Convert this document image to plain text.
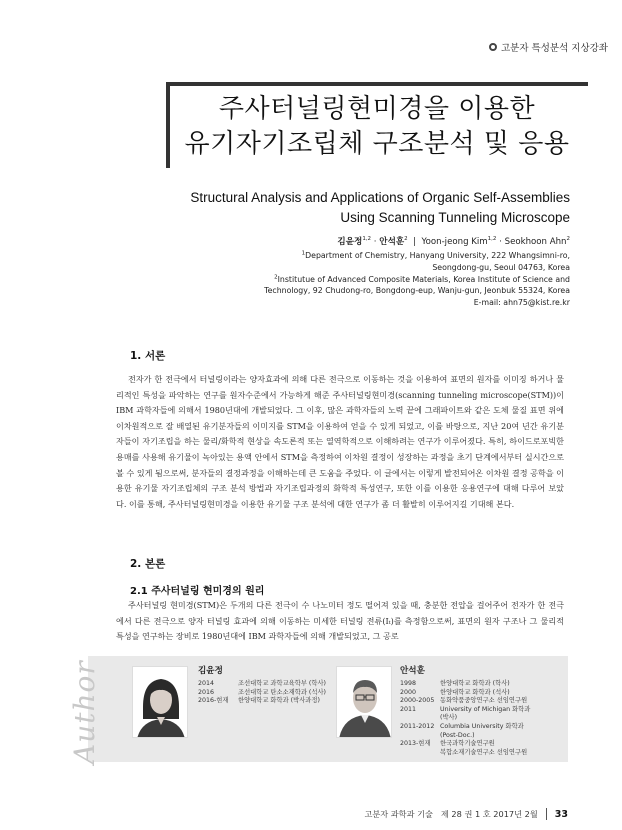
고분자 특성분석 지상강좌
주사터널링현미경을 이용한
유기자기조립체 구조분석 및 응용
Structural Analysis and Applications of Organic Self-Assemblies
Using Scanning Tunneling Microscope
김윤정$^{1,2}$ · 안석훈$^2$ | Yoon-jeong Kim$^{1,2}$ · Seokhoon Ahn$^2$

$^1$Department of Chemistry, Hanyang University, 222 Whangsimni-ro,

Seongdong-gu, Seoul 04763, Korea

$^2$Institutue of Advanced Composite Materials, Korea Institute of Science and

Technology, 92 Chudong-ro, Bongdong-eup, Wanju-gun, Jeonbuk 55324, Korea

E-mail: ahn75@kist.re.kr

1. 서론

전자가 한 전극에서 터널링이라는 양자효과에 의해 다른 전극으로 이동하는 것을 이용하여 표면의 원자를 이미징 하거나 물리적인 특성을 파악하는 연구를 원자수준에서 가능하게 해준 주사터널링현미경(scanning tunneling microscope(STM))이 IBM 과학자들에 의해서 1980년대에 개발되었다. 그 이후, 많은 과학자들의 노력 끝에 그래파이트와 같은 도체 물질 표면 위에 이차원적으로 잘 배열된 유기분자들의 이미지를 STM을 이용하여 얻을 수 있게 되었고, 이를 바탕으로, 지난 20여 년간 유기분자들이 자기조립을 하는 물리/화학적 현상을 속도론적 또는 열역학적으로 이해하려는 연구가 이루어졌다. 특히, 하이드로포빅한 용매를 사용해 유기물이 녹아있는 용액 안에서 STM을 측정하여 이차원 결정이 성장하는 과정을 초기 단계에서부터 실시간으로 볼 수 있게 됨으로써, 분자들의 결정과정을 이해하는데 큰 도움을 주었다. 이 글에서는 이렇게 발전되어온 이차원 결정 공학을 이용한 유기물 자기조립체의 구조 분석 방법과 자기조립과정의 화학적 특성연구, 또한 이를 이용한 응용연구에 대해 다루어 보았다. 이를 통해, 주사터널링현미경을 이용한 유기물 구조 분석에 대한 연구가 좀 더 활발히 이루어지길 기대해 본다.

2. 본론
2.1 주사터널링 현미경의 원리

주사터널링 현미경(STM)은 두개의 다른 전극이 수 나노미터 정도 떨어져 있을 때, 충분한 전압을 걸어주어 전자가 한 전극에서 다른 전극으로 양자 터널링 효과에 의해 이동하는 미세한 터널링 전류(Iₜ)를 측정함으로써, 표면의 원자 구조나 그 물리적 특성을 연구하는 장비로 1980년대에 IBM 과학자들에 의해 개발되었고, 그 공로

Author	김윤정
2014	조선대학교 과학교육학부 (학사)
2016	조선대학교 탄소소재학과 (석사)
2016-현재	한양대학교 화학과 (박사과정)
안석훈
1998	한양대학교 화학과 (학사)
2000	한양대학교 화학과 (석사)
2000-2005 동화약품중앙연구소 선임연구원
2011	University of Michigan 화학과
(박사)
2011-2012 Columbia University 화학과
(Post-Doc.)
2013-현재	한국과학기술연구원
복합소재기술연구소 선임연구원
고분자 과학과 기술 제 28 권 1 호 2017년 2월 33
